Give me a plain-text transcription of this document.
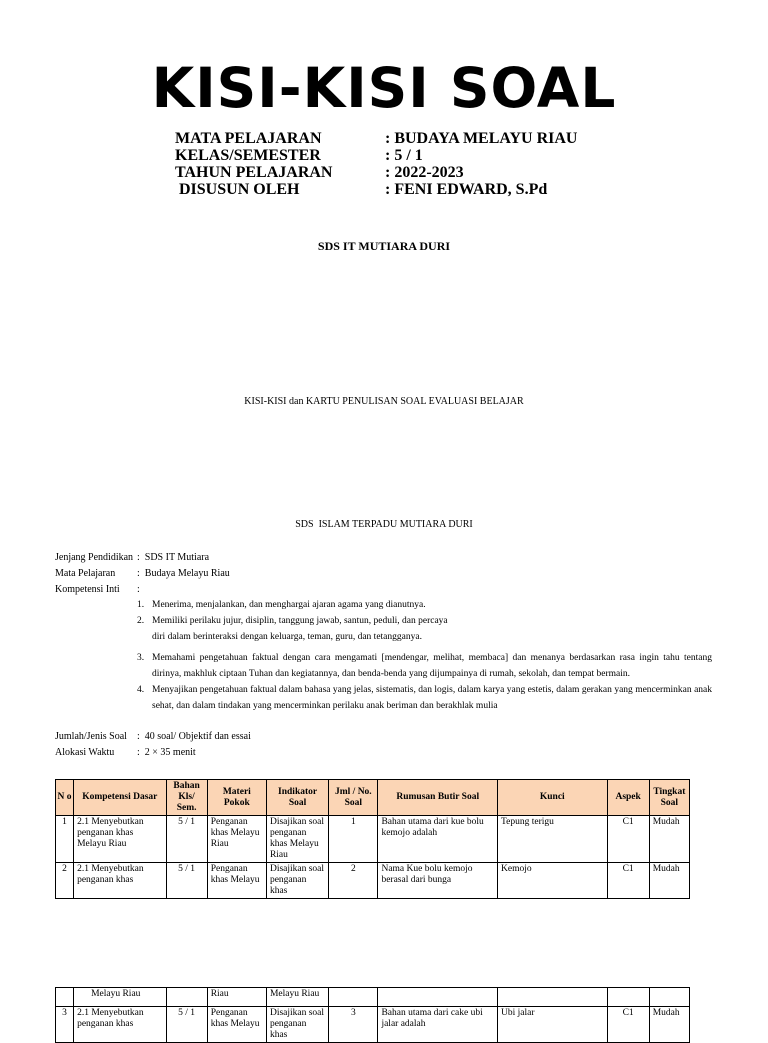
KISI-KISI SOAL
MATA PELAJARAN	: BUDAYA MELAYU RIAU
KELAS/SEMESTER	: 5 / 1
TAHUN PELAJARAN	: 2022-2023
DISUSUN OLEH	: FENI EDWARD, S.Pd
SDS IT MUTIARA DURI
KISI-KISI dan KARTU PENULISAN SOAL EVALUASI BELAJAR
SDS  ISLAM TERPADU MUTIARA DURI
Jenjang Pendidikan :  SDS IT Mutiara
Mata Pelajaran :  Budaya Melayu Riau
Kompetensi Inti :
1. Menerima, menjalankan, dan menghargai ajaran agama yang dianutnya.
2. Memiliki perilaku jujur, disiplin, tanggung jawab, santun, peduli, dan percaya diri dalam berinteraksi dengan keluarga, teman, guru, dan tetangganya.
3. Memahami pengetahuan faktual dengan cara mengamati [mendengar, melihat, membaca] dan menanya berdasarkan rasa ingin tahu tentang dirinya, makhluk ciptaan Tuhan dan kegiatannya, dan benda-benda yang dijumpainya di rumah, sekolah, dan tempat bermain.
4. Menyajikan pengetahuan faktual dalam bahasa yang jelas, sistematis, dan logis, dalam karya yang estetis, dalam gerakan yang mencerminkan anak sehat, dan dalam tindakan yang mencerminkan perilaku anak beriman dan berakhlak mulia
Jumlah/Jenis Soal :  40 soal/ Objektif dan essai
Alokasi Waktu :  2 × 35 menit
N o	Kompetensi Dasar	Bahan Kls/ Sem.	Materi Pokok	Indikator Soal	Jml / No. Soal	Rumusan Butir Soal	Kunci	Aspek	Tingkat Soal
1	2.1 Menyebutkan penganan khas Melayu Riau	5 / 1	Penganan khas Melayu Riau	Disajikan soal penganan khas Melayu Riau	1	Bahan utama dari kue bolu kemojo adalah	Tepung terigu	C1	Mudah
2	2.1 Menyebutkan penganan khas	5 / 1	Penganan khas Melayu	Disajikan soal penganan khas	2	Nama Kue bolu kemojo berasal dari bunga	Kemojo	C1	Mudah

	Melayu Riau		Riau	Melayu Riau					
3	2.1 Menyebutkan penganan khas	5 / 1	Penganan khas Melayu	Disajikan soal penganan khas	3	Bahan utama dari cake ubi jalar adalah	Ubi jalar	C1	Mudah
